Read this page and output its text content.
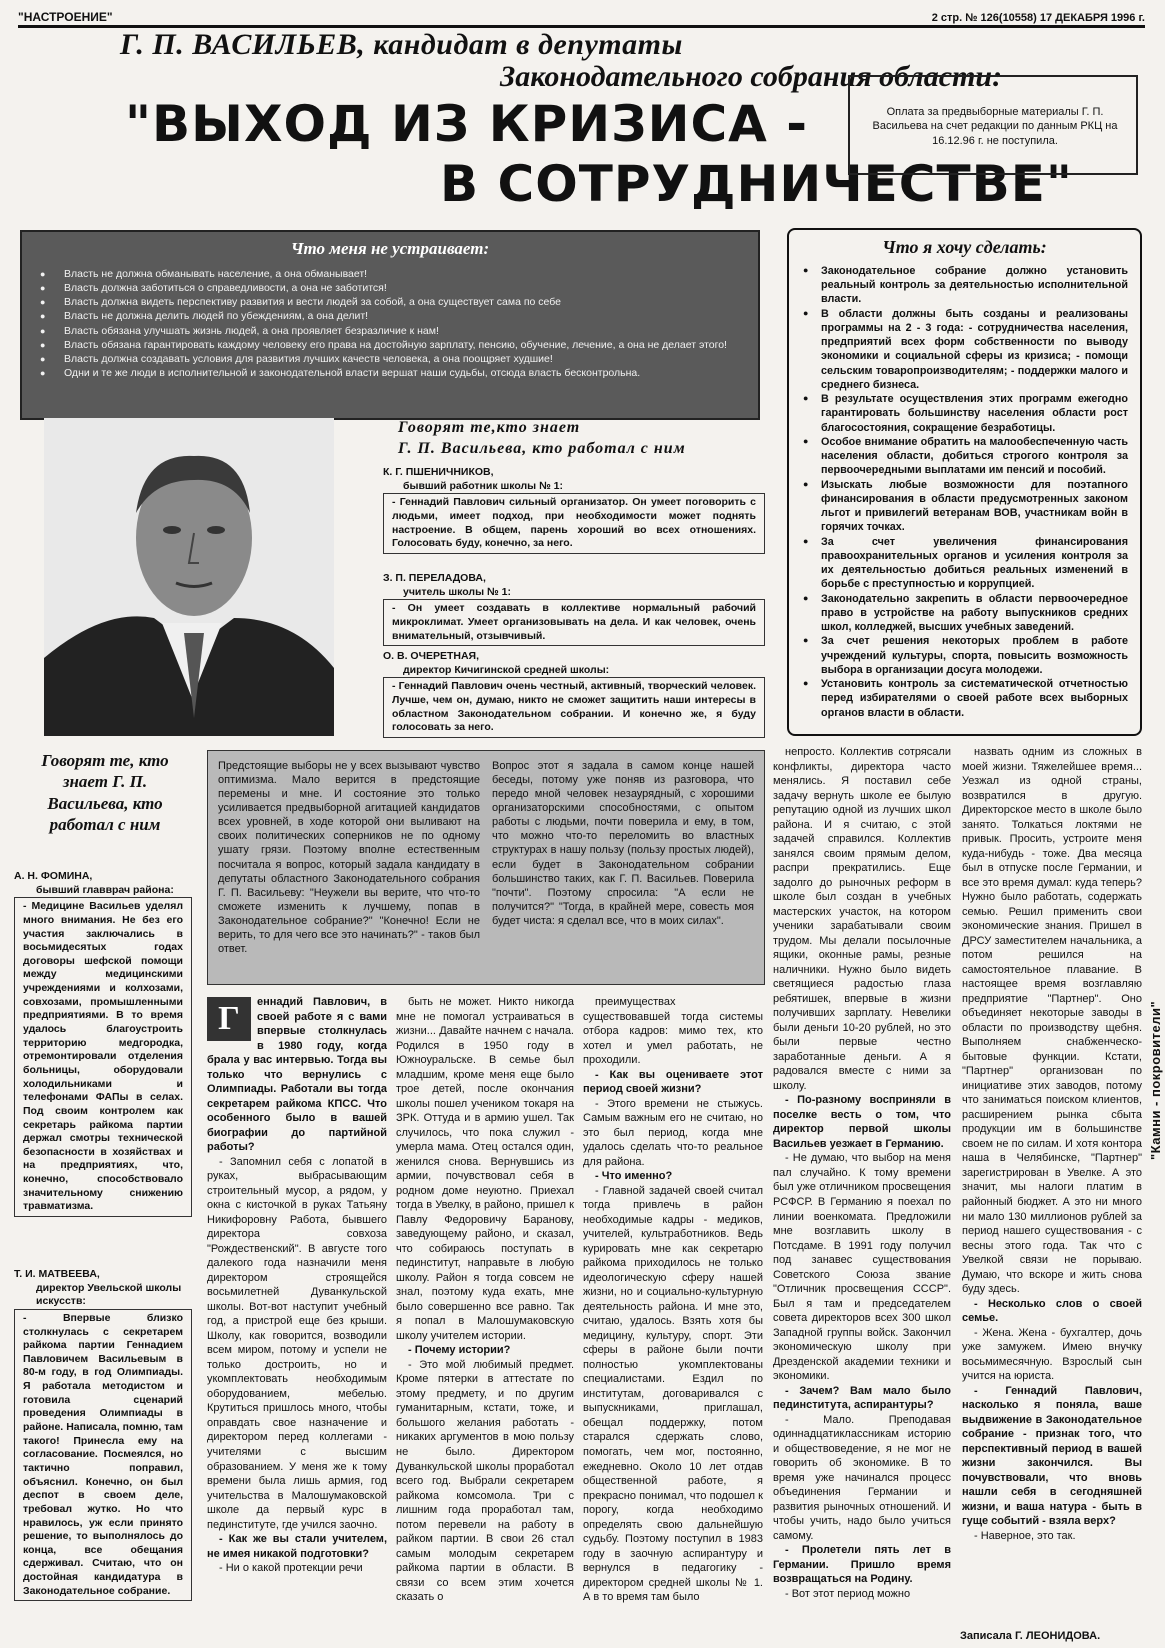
"НАСТРОЕНИЕ"	2 стр. № 126(10558) 17 ДЕКАБРЯ 1996 г.
Г. П. ВАСИЛЬЕВ, кандидат в депутаты
Законодательного собрания области:
"ВЫХОД ИЗ КРИЗИСА -
В СОТРУДНИЧЕСТВЕ"
Оплата за предвыборные материалы Г. П. Васильева на счет редакции по данным РКЦ на 16.12.96 г. не поступила.
Что меня не устраивает:
● Власть не должна обманывать население, а она обманывает!
● Власть должна заботиться о справедливости, а она не заботится!
● Власть должна видеть перспективу развития и вести людей за собой, а она существует сама по себе
● Власть не должна делить людей по убеждениям, а она делит!
● Власть обязана улучшать жизнь людей, а она проявляет безразличие к нам!
● Власть обязана гарантировать каждому человеку его права на достойную зарплату, пенсию, обучение, лечение, а она не делает этого!
● Власть должна создавать условия для развития лучших качеств человека, а она поощряет худшие!
● Одни и те же люди в исполнительной и законодательной власти вершат наши судьбы, отсюда власть бесконтрольна.
Что я хочу сделать:
● Законодательное собрание должно установить реальный контроль за деятельностью исполнительной власти.
● В области должны быть созданы и реализованы программы на 2 - 3 года: - сотрудничества населения, предприятий всех форм собственности по выводу экономики и социальной сферы из кризиса; - помощи сельским товаропроизводителям; - поддержки малого и среднего бизнеса.
● В результате осуществления этих программ ежегодно гарантировать большинству населения области рост благосостояния, сокращение безработицы.
● Особое внимание обратить на малообеспеченную часть населения области, добиться строгого контроля за первоочередными выплатами им пенсий и пособий.
● Изыскать любые возможности для поэтапного финансирования в области предусмотренных законом льгот и привилегий ветеранам ВОВ, участникам войн в горячих точках.
● За счет увеличения финансирования правоохранительных органов и усиления контроля за их деятельностью добиться реальных изменений в борьбе с преступностью и коррупцией.
● Законодательно закрепить в области первоочередное право в устройстве на работу выпускников средних школ, колледжей, высших учебных заведений.
● За счет решения некоторых проблем в работе учреждений культуры, спорта, повысить возможность выбора в организации досуга молодежи.
● Установить контроль за систематической отчетностью перед избирателями о своей работе всех выборных органов власти в области.
Говорят те,кто знает
Г. П. Васильева, кто работал с ним
К. Г. ПШЕНИЧНИКОВ,
бывший работник школы № 1:
- Геннадий Павлович сильный организатор. Он умеет поговорить с людьми, имеет подход, при необходимости может поднять настроение. В общем, парень хороший во всех отношениях. Голосовать буду, конечно, за него.
З. П. ПЕРЕЛАДОВА,
учитель школы № 1:
- Он умеет создавать в коллективе нормальный рабочий микроклимат. Умеет организовывать на дела. И как человек, очень внимательный, отзывчивый.
О. В. ОЧЕРЕТНАЯ,
директор Кичигинской средней школы:
- Геннадий Павлович очень честный, активный, творческий человек. Лучше, чем он, думаю, никто не сможет защитить наши интересы в областном Законодательном собрании. И конечно же, я буду голосовать за него.
Говорят те, кто знает Г. П. Васильева, кто работал с ним
А. Н. ФОМИНА,
бывший главврач района:
- Медицине Васильев уделял много внимания. Не без его участия заключались в восьмидесятых годах договоры шефской помощи между медицинскими учреждениями и колхозами, совхозами, промышленными предприятиями. В то время удалось благоустроить территорию медгородка, отремонтировали отделения больницы, оборудовали холодильниками и телефонами ФАПы в селах. Под своим контролем как секретарь райкома партии держал смотры технической безопасности в хозяйствах и на предприятиях, что, конечно, способствовало значительному снижению травматизма.
Т. И. МАТВЕЕВА,
директор Увельской школы искусств:
- Впервые близко столкнулась с секретарем райкома партии Геннадием Павловичем Васильевым в 80-м году, в год Олимпиады. Я работала методистом и готовила сценарий проведения Олимпиады в районе. Написала, помню, там такого! Принесла ему на согласование. Посмеялся, но тактично поправил, объяснил. Конечно, он был деспот в своем деле, требовал жутко. Но что нравилось, уж если принято решение, то выполнялось до конца, все обещания сдерживал. Считаю, что он достойная кандидатура в Законодательное собрание.
Предстоящие выборы не у всех вызывают чувство оптимизма. Мало верится в предстоящие перемены и мне. И состояние это только усиливается предвыборной агитацией кандидатов всех уровней, в ходе которой они выливают на своих политических соперников не по одному ушату грязи. Поэтому вполне естественным посчитала я вопрос, который задала кандидату в депутаты областного Законодательного собрания Г. П. Васильеву: "Неужели вы верите, что что-то сможете изменить к лучшему, попав в Законодательное собрание?" "Конечно! Если не верить, то для чего все это начинать?" - таков был ответ.
Вопрос этот я задала в самом конце нашей беседы, потому уже поняв из разговора, что передо мной человек незаурядный, с хорошими организаторскими способностями, с опытом работы с людьми, почти поверила и ему, в том, что можно что-то переломить во властных структурах в нашу пользу (пользу простых людей), если будет в Законодательном собрании большинство таких, как Г. П. Васильев. Поверила "почти". Поэтому спросила: "А если не получится?" "Тогда, в крайней мере, совесть моя будет чиста: я сделал все, что в моих силах".
Г	еннадий Павлович, в своей работе я с вами впервые столкнулась в 1980 году, когда брала у вас интервью. Тогда вы только что вернулись с Олимпиады. Работали вы тогда секретарем райкома КПСС. Что особенного было в вашей биографии до партийной работы?

- Запомнил себя с лопатой в руках, выбрасывающим строительный мусор, а рядом, у окна с кисточкой в руках Татьяну Никифоровну Работа, бывшего директора совхоза "Рождественский". В августе того далекого года назначили меня директором строящейся восьмилетней Дуванкульской школы. Вот-вот наступит учебный год, а пристрой еще без крыши. Школу, как говорится, возводили всем миром, потому и успели не только достроить, но и укомплектовать необходимым оборудованием, мебелью. Крутиться пришлось много, чтобы оправдать свое назначение и директором перед коллегами - учителями с высшим образованием. У меня же к тому времени была лишь армия, год учительства в Малошумаковской школе да первый курс в пединституте, где учился заочно.

- Как же вы стали учителем, не имея никакой подготовки?

- Ни о какой протекции речи

быть не может. Никто никогда мне не помогал устраиваться в жизни... Давайте начнем с начала. Родился в 1950 году в Южноуральске. В семье был младшим, кроме меня еще было трое детей, после окончания школы пошел учеником токаря на ЗРК. Оттуда и в армию ушел. Так случилось, что пока служил - умерла мама. Отец остался один, женился снова. Вернувшись из армии, почувствовал себя в родном доме неуютно. Приехал тогда в Увелку, в районо, пришел к Павлу Федоровичу Баранову, заведующему районо, и сказал, что собираюсь поступать в пединститут, направьте в любую школу. Район я тогда совсем не знал, поэтому куда ехать, мне было совершенно все равно. Так я попал в Малошумаковскую школу учителем истории.

- Почему истории?

- Это мой любимый предмет. Кроме пятерки в аттестате по этому предмету, и по другим гуманитарным, кстати, тоже, и большого желания работать - никаких аргументов в мою пользу не было. Директором Дуванкульской школы проработал всего год. Выбрали секретарем райкома комсомола. Три с лишним года проработал там, потом перевели на работу в райком партии. В свои 26 стал самым молодым секретарем райкома партии в области. В связи со всем этим хочется сказать о

преимуществах существовавшей тогда системы отбора кадров: мимо тех, кто хотел и умел работать, не проходили.

- Как вы оцениваете этот период своей жизни?

- Этого времени не стыжусь. Самым важным его не считаю, но это был период, когда мне удалось сделать что-то реальное для района.

- Что именно?

- Главной задачей своей считал тогда привлечь в район необходимые кадры - медиков, учителей, культработников. Ведь курировать мне как секретарю райкома приходилось не только идеологическую сферу нашей жизни, но и социально-культурную деятельность района. И мне это, считаю, удалось. Взять хотя бы медицину, культуру, спорт. Эти сферы в районе были почти полностью укомплектованы специалистами. Ездил по институтам, договаривался с выпускниками, приглашал, обещал поддержку, потом старался сдержать слово, помогать, чем мог, постоянно, ежедневно. Около 10 лет отдав общественной работе, я прекрасно понимал, что подошел к порогу, когда необходимо определять свою дальнейшую судьбу. Поэтому поступил в 1983 году в заочную аспирантуру и вернулся в педагогику - директором средней школы № 1. А в то время там было

непросто. Коллектив сотрясали конфликты, директора часто менялись. Я поставил себе задачу вернуть школе ее былую репутацию одной из лучших школ района. И я считаю, с этой задачей справился. Коллектив занялся своим прямым делом, распри прекратились. Еще задолго до рыночных реформ в школе был создан в учебных мастерских участок, на котором ученики зарабатывали своим трудом. Мы делали посылочные ящики, оконные рамы, резные наличники. Нужно было видеть светящиеся радостью глаза ребятишек, впервые в жизни получивших зарплату. Невелики были деньги 10-20 рублей, но это были первые честно заработанные деньги. А я радовался вместе с ними за школу.

- По-разному восприняли в поселке весть о том, что директор первой школы Васильев уезжает в Германию.

- Не думаю, что выбор на меня пал случайно. К тому времени был уже отличником просвещения РСФСР. В Германию я поехал по линии военкомата. Предложили мне возглавить школу в Потсдаме. В 1991 году получил под занавес существования Советского Союза звание "Отличник просвещения СССР". Был я там и председателем совета директоров всех 300 школ Западной группы войск. Закончил экономическую школу при Дрезденской академии техники и экономики.

- Зачем? Вам мало было пединститута, аспирантуры?

- Мало. Преподавая одиннадцатиклассникам историю и обществоведение, я не мог не говорить об экономике. В то время уже начинался процесс объединения Германии и развития рыночных отношений. И чтобы учить, надо было учиться самому.

- Пролетели пять лет в Германии. Пришло время возвращаться на Родину.

- Вот этот период можно

назвать одним из сложных в моей жизни. Тяжелейшее время... Уезжал из одной страны, возвратился в другую. Директорское место в школе было занято. Толкаться локтями не привык. Просить, устроите меня куда-нибудь - тоже. Два месяца был в отпуске после Германии, и все это время думал: куда теперь? Нужно было работать, содержать семью. Решил применить свои экономические знания. Пришел в ДРСУ заместителем начальника, а потом решился на самостоятельное плавание. В настоящее время возглавляю предприятие "Партнер". Оно объединяет некоторые заводы в области по производству щебня. Выполняем снабженческо-бытовые функции. Кстати, "Партнер" организован по инициативе этих заводов, потому что заниматься поиском клиентов, расширением рынка сбыта продукции им в большинстве своем не по силам. И хотя контора наша в Челябинске, "Партнер" зарегистрирован в Увелке. А это значит, мы налоги платим в районный бюджет. А это ни много ни мало 130 миллионов рублей за период нашего существования - с весны этого года. Так что с Увелкой связи не порываю. Думаю, что вскоре и жить снова буду здесь.

- Несколько слов о своей семье.

- Жена. Жена - бухгалтер, дочь уже замужем. Имею внучку восьмимесячную. Взрослый сын учится на юриста.

- Геннадий Павлович, насколько я поняла, ваше выдвижение в Законодательное собрание - признак того, что перспективный период в вашей жизни закончился. Вы почувствовали, что вновь нашли себя в сегодняшней жизни, и ваша натура - быть в гуще событий - взяла верх?

- Наверное, это так.

Записала Г. ЛЕОНИДОВА.
"Камни - покровители"
